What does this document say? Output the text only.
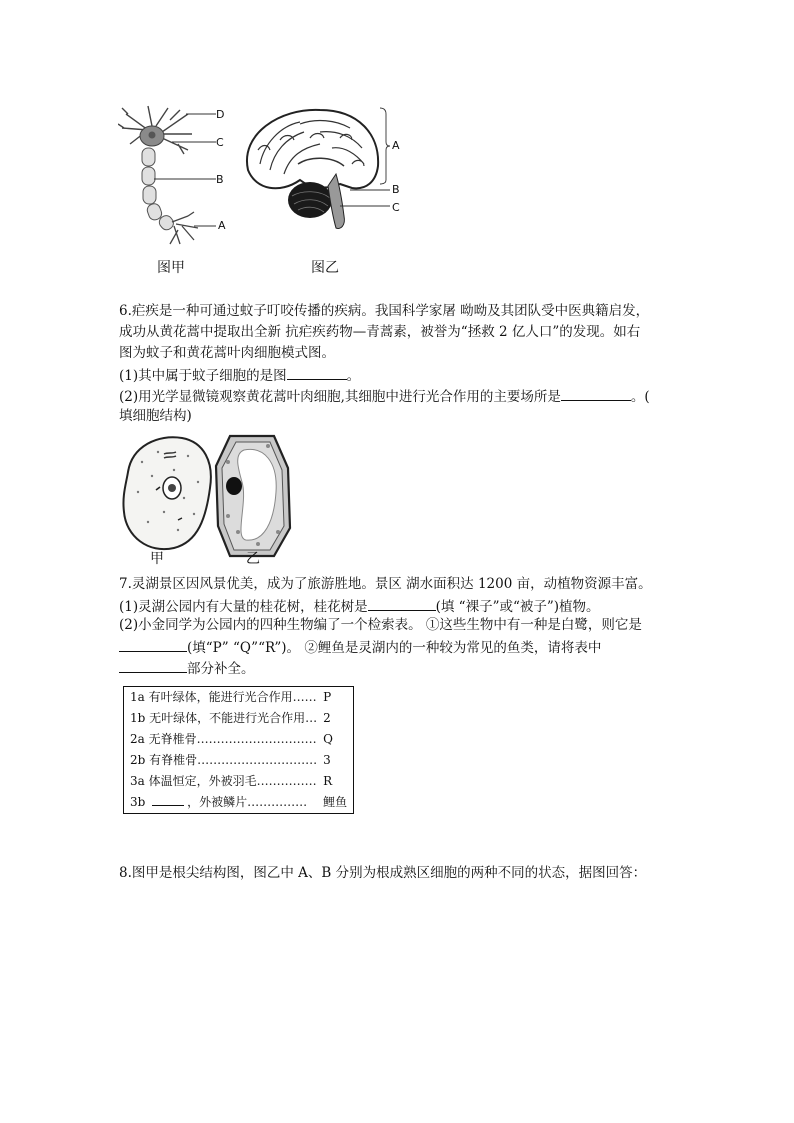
D
C
B
A
A
B
C
图甲	图乙
6.疟疾是一种可通过蚊子叮咬传播的疾病。我国科学家屠 呦呦及其团队受中医典籍启发，
成功从黄花蒿中提取出全新 抗疟疾药物—青蒿素，被誉为“拯救 2 亿人口”的发现。如右
图为蚊子和黄花蒿叶肉细胞模式图。
(1)其中属于蚊子细胞的是图	。
(2)用光学显微镜观察黄花蒿叶肉细胞,其细胞中进行光合作用的主要场所是	。(
填细胞结构)
甲	乙
7.灵湖景区因风景优美，成为了旅游胜地。景区 湖水面积达 1200 亩，动植物资源丰富。
(1)灵湖公园内有大量的桂花树，桂花树是	(填 “裸子”或“被子”)植物。
(2)小金同学为公园内的四种生物编了一个检索表。 ①这些生物中有一种是白鹭，则它是
(填“P” “Q”“R”)。 ②鲤鱼是灵湖内的一种较为常见的鱼类，请将表中
部分补全。
1a 有叶绿体，能进行光合作用……	P
1b 无叶绿体，不能进行光合作用…	2
2a 无脊椎骨…………………………	Q
2b 有脊椎骨…………………………	3
3a 体温恒定，外被羽毛……………	R
3b ，外被鳞片……………	鲤鱼
8.图甲是根尖结构图，图乙中 A、B 分别为根成熟区细胞的两种不同的状态，据图回答：
